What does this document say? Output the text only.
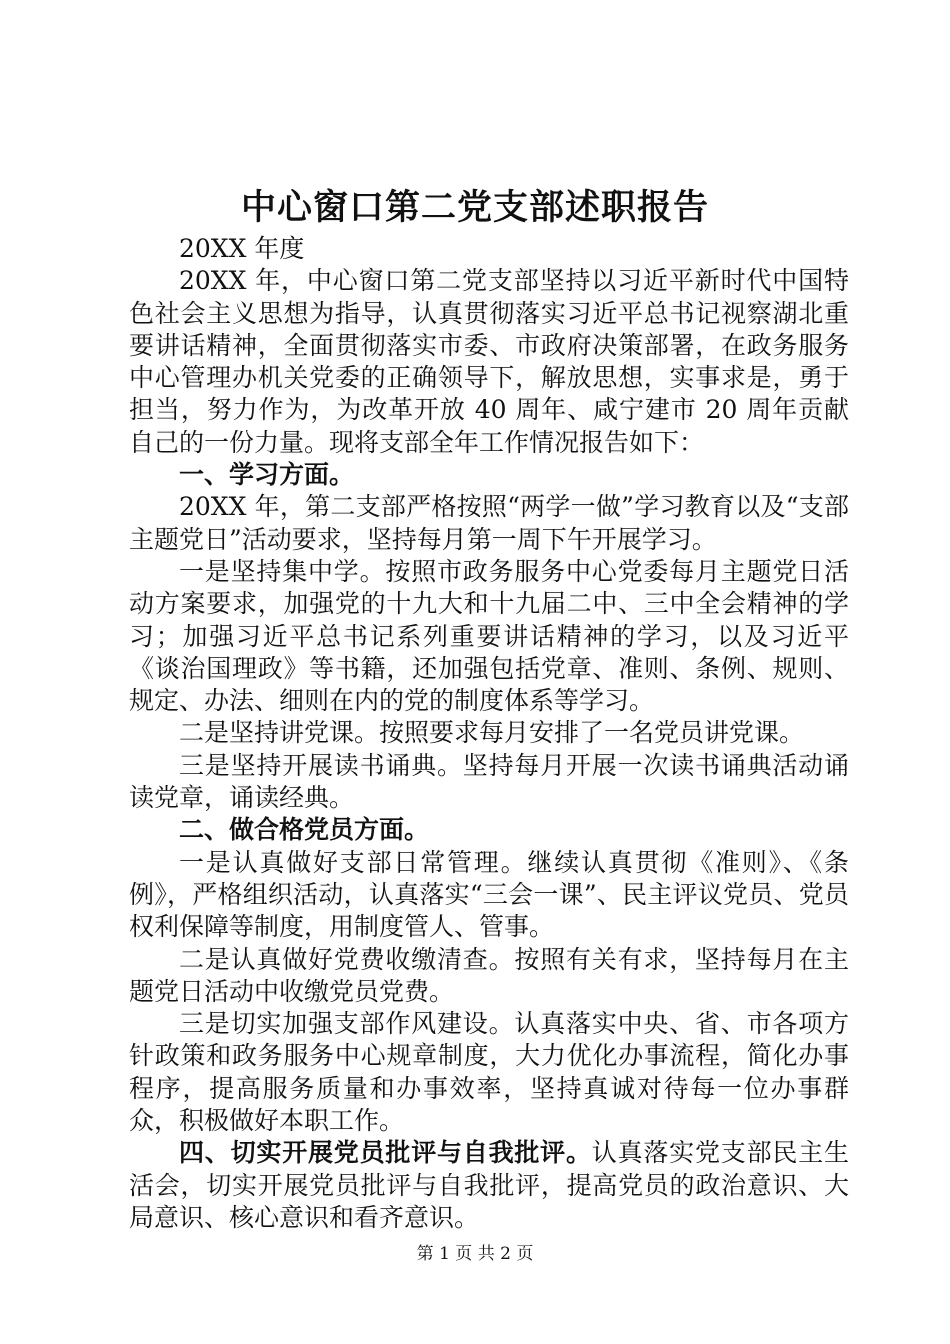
中心窗口第二党支部述职报告

20XX 年度

20XX 年，中心窗口第二党支部坚持以习近平新时代中国特色社会主义思想为指导，认真贯彻落实习近平总书记视察湖北重要讲话精神，全面贯彻落实市委、市政府决策部署，在政务服务中心管理办机关党委的正确领导下，解放思想，实事求是，勇于担当，努力作为，为改革开放 40 周年、咸宁建市 20 周年贡献自己的一份力量。现将支部全年工作情况报告如下：

一、学习方面。

20XX 年，第二支部严格按照“两学一做”学习教育以及“支部主题党日”活动要求，坚持每月第一周下午开展学习。

一是坚持集中学。按照市政务服务中心党委每月主题党日活动方案要求，加强党的十九大和十九届二中、三中全会精神的学习；加强习近平总书记系列重要讲话精神的学习，以及习近平《谈治国理政》等书籍，还加强包括党章、准则、条例、规则、规定、办法、细则在内的党的制度体系等学习。

二是坚持讲党课。按照要求每月安排了一名党员讲党课。

三是坚持开展读书诵典。坚持每月开展一次读书诵典活动诵读党章，诵读经典。

二、做合格党员方面。

一是认真做好支部日常管理。继续认真贯彻《准则》、《条例》，严格组织活动，认真落实“三会一课”、民主评议党员、党员权利保障等制度，用制度管人、管事。

二是认真做好党费收缴清查。按照有关有求，坚持每月在主题党日活动中收缴党员党费。

三是切实加强支部作风建设。认真落实中央、省、市各项方针政策和政务服务中心规章制度，大力优化办事流程，简化办事程序，提高服务质量和办事效率，坚持真诚对待每一位办事群众，积极做好本职工作。

四、切实开展党员批评与自我批评。认真落实党支部民主生活会，切实开展党员批评与自我批评，提高党员的政治意识、大局意识、核心意识和看齐意识。

第 1 页 共 2 页
